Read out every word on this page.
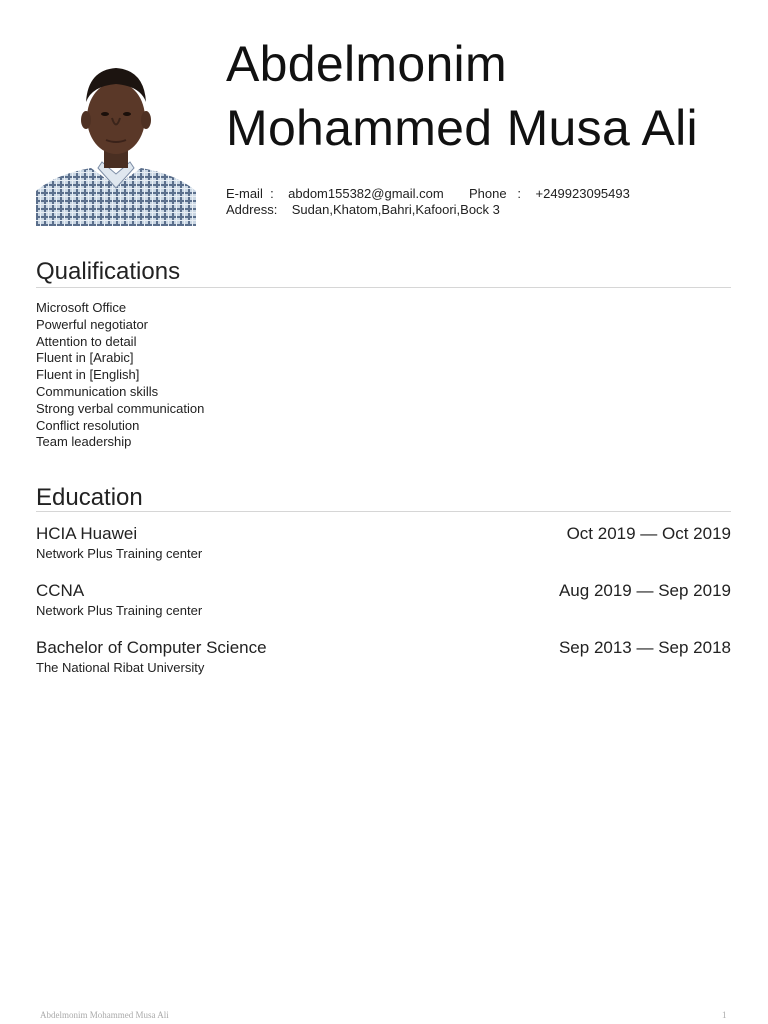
Abdelmonim
Mohammed Musa Ali
E-mail  :    abdom155382@gmail.com Phone   :    +249923095493
Address: Sudan,Khatom,Bahri,Kafoori,Bock 3
Qualifications
Microsoft Office
Powerful negotiator
Attention to detail
Fluent in [Arabic]
Fluent in [English]
Communication skills
Strong verbal communication
Conflict resolution
Team leadership
Education
HCIA Huawei	Oct 2019 — Oct 2019
Network Plus Training center
CCNA	Aug 2019 — Sep 2019
Network Plus Training center
Bachelor of Computer Science	Sep 2013 — Sep 2018
The National Ribat University
Abdelmonim Mohammed Musa Ali	1
